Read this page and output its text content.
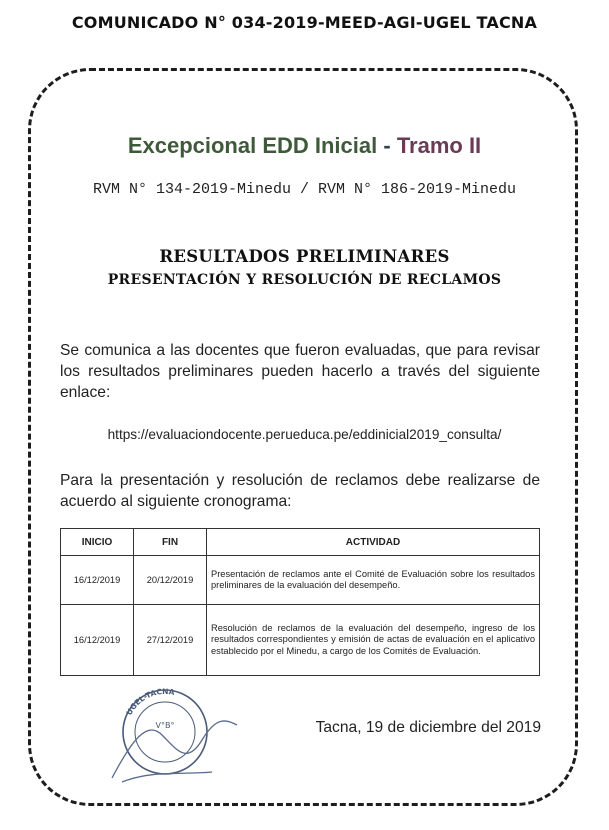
COMUNICADO N° 034-2019-MEED-AGI-UGEL TACNA
Excepcional EDD Inicial - Tramo II
RVM N° 134-2019-Minedu / RVM N° 186-2019-Minedu
RESULTADOS PRELIMINARES
PRESENTACIÓN Y RESOLUCIÓN DE RECLAMOS
Se comunica a las docentes que fueron evaluadas, que para revisar los resultados preliminares pueden hacerlo a través del siguiente enlace:
https://evaluaciondocente.perueduca.pe/eddinicial2019_consulta/
Para la presentación y resolución de reclamos debe realizarse de acuerdo al siguiente cronograma:
INICIO	FIN	ACTIVIDAD
16/12/2019	20/12/2019	Presentación de reclamos ante el Comité de Evaluación sobre los resultados preliminares de la evaluación del desempeño.
16/12/2019	27/12/2019	Resolución de reclamos de la evaluación del desempeño, ingreso de los resultados correspondientes y emisión de actas de evaluación en el aplicativo establecido por el Minedu, a cargo de los Comités de Evaluación.
UGEL-TACNA
V°B°	Tacna, 19 de diciembre del 2019
